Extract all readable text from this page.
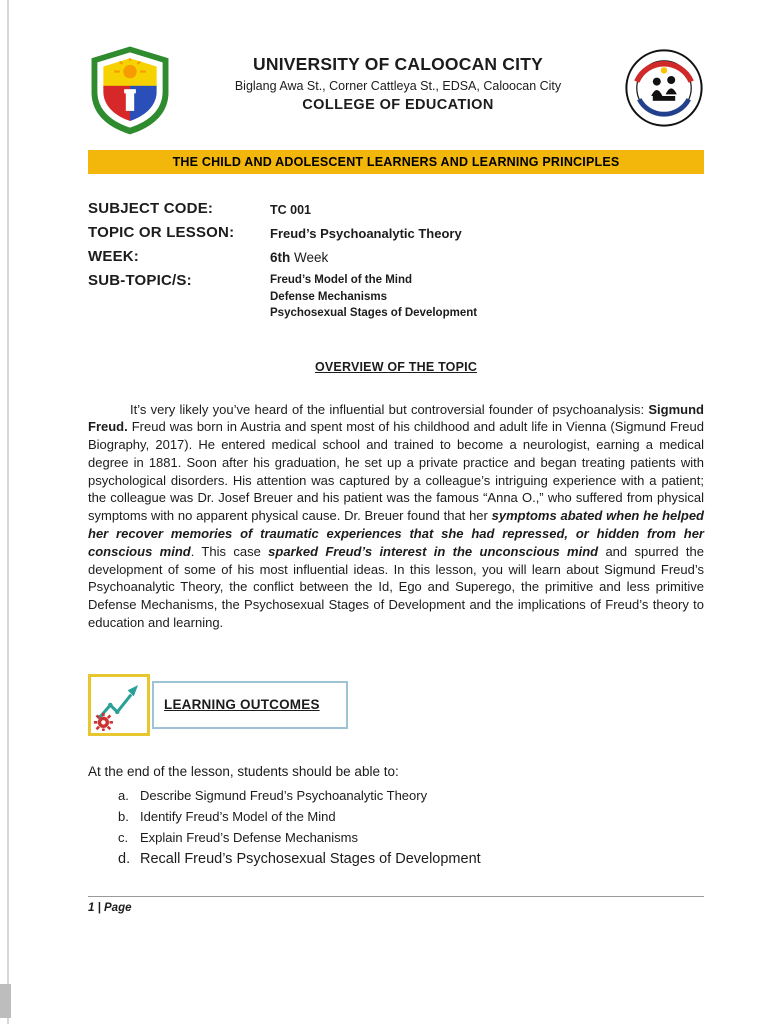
UNIVERSITY OF CALOOCAN CITY
Biglang Awa St., Corner Cattleya St., EDSA, Caloocan City
COLLEGE OF EDUCATION
THE CHILD AND ADOLESCENT LEARNERS AND LEARNING PRINCIPLES
SUBJECT CODE:	TC 001
TOPIC OR LESSON:	Freud’s Psychoanalytic Theory
WEEK:	6th Week
SUB-TOPIC/S:	Freud’s Model of the Mind
Defense Mechanisms
Psychosexual Stages of Development
OVERVIEW OF THE TOPIC

It’s very likely you’ve heard of the influential but controversial founder of psychoanalysis: Sigmund Freud. Freud was born in Austria and spent most of his childhood and adult life in Vienna (Sigmund Freud Biography, 2017). He entered medical school and trained to become a neurologist, earning a medical degree in 1881. Soon after his graduation, he set up a private practice and began treating patients with psychological disorders. His attention was captured by a colleague’s intriguing experience with a patient; the colleague was Dr. Josef Breuer and his patient was the famous “Anna O.,” who suffered from physical symptoms with no apparent physical cause. Dr. Breuer found that her symptoms abated when he helped her recover memories of traumatic experiences that she had repressed, or hidden from her conscious mind. This case sparked Freud’s interest in the unconscious mind and spurred the development of some of his most influential ideas. In this lesson, you will learn about Sigmund Freud’s Psychoanalytic Theory, the conflict between the Id, Ego and Superego, the primitive and less primitive Defense Mechanisms, the Psychosexual Stages of Development and the implications of Freud’s theory to education and learning.

LEARNING OUTCOMES

At the end of the lesson, students should be able to:

a. Describe Sigmund Freud’s Psychoanalytic Theory
b. Identify Freud’s Model of the Mind
c. Explain Freud’s Defense Mechanisms
d. Recall Freud’s Psychosexual Stages of Development
1 | Page
